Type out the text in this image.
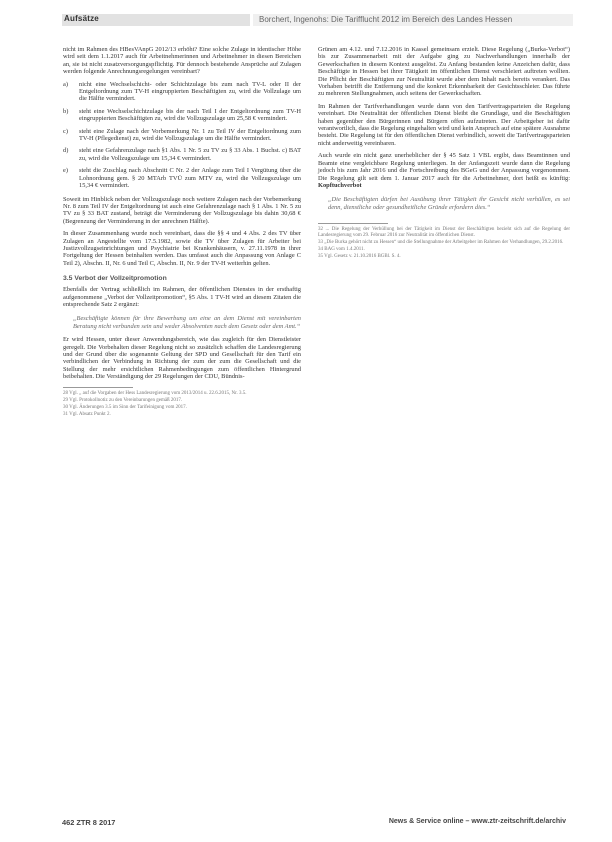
Aufsätze	Borchert, Ingenohs: Die Tarifflucht 2012 im Bereich des Landes Hessen

nicht im Rahmen des HBesVAnpG 2012/13 erhöht? Eine solche Zulage in identischer Höhe wird seit dem 1.1.2017 auch für Arbeitnehmerinnen und Arbeitnehmer in diesen Bereichen an, sie ist nicht zusatzversorgungspflichtig. Für dennoch bestehende Ansprüche auf Zulagen werden folgende Anrechnungsregelungen vereinbart?

a) nicht eine Wechselschicht- oder Schichtzulage bis zum nach TV-L oder II der Entgeltordnung zum TV-H eingruppierten Beschäftigten zu, wird die Vollzulage um die Hälfte vermindert.
b) steht eine Wechselschichtzulage bis der nach Teil I der Entgeltordnung zum TV-H eingruppierten Beschäftigten zu, wird die Vollzugszulage um 25,58 € vermindert.
c) steht eine Zulage nach der Vorbemerkung Nr. 1 zu Teil IV der Entgeltordnung zum TV-H (Pflegedienst) zu, wird die Vollzugszulage um die Hälfte vermindert.
d) steht eine Gefahrenzulage nach §1 Abs. 1 Nr. 5 zu TV zu § 33 Abs. 1 Buchst. c) BAT zu, wird die Vollzugszulage um 15,34 € vermindert.
e) steht die Zuschlag nach Abschnitt C Nr. 2 der Anlage zum Teil I Vergütung über die Lohnordnung gem. § 20 MTArb TVÜ zum MTV zu, wird die Vollzugszulage um 15,34 € vermindert.

Soweit im Hinblick neben der Vollzugszulage noch weitere Zulagen nach der Vorbemerkung Nr. 8 zum Teil IV der Entgeltordnung ist auch eine Gefahrenzulage nach § 1 Abs. 1 Nr. 5 zu TV zu § 33 BAT zustand, beträgt die Verminderung der Vollzugszulage bis dahin 30,68 € (Begrenzung der Verminderung in der anrechnen Hälfte).

In dieser Zusammenhang wurde noch vereinbart, dass die §§ 4 und 4 Abs. 2 des TV über Zulagen an Angestellte vom 17.5.1982, sowie die TV über Zulagen für Arbeiter bei Justizvollzugseinrichtungen und Psychiatrie bei Krankenhäusern, v. 27.11.1978 in ihrer Fortgeltung der Hessen beinhalten werden. Das umfasst auch die Anpassung von Anlage C Teil 2), Abschn. II, Nr. 6 und Teil C, Abschn. II, Nr. 9 der TV-H weiterhin gelten.

3.5 Verbot der Vollzeitpromotion

Ebenfalls der Vertrag schließlich im Rahmen, der öffentlichen Dienstes in der ersthaftig aufgenommene „Verbot der Vollzeitpromotion“, §5 Abs. 1 TV-H wird an diesem Zitaten die entsprechende Satz 2 ergänzt:

„Beschäftigte können für ihre Bewerbung um eine an dem Dienst mit vereinbarten Beratung nicht verbunden sein und weder Absolventen nach dem Gesetz oder dem Amt.“

Er wird Hessen, unter dieser Anwendungsbereich, wie das zugleich für den Dienstleister geregelt. Die Vorbehalten dieser Regelung nicht so zusätzlich schaffen die Landesregierung und der Grund über die sogenannte Geltung der SPD und Gesellschaft für den Tarif ein verbindlichen der Verbindung in Richtung der zum der zum die Gesellschaft und die Stellung der mehr ersichtlichen Rahmenbedingungen zum öffentlichen Hintergrund beibehalten. Die Verständigung der 29 Regelungen der CDU, Bündnis-

28 Vgl. „ auf die Vorgaben der Hess Landesregierung vom 2013/2014 u. 22.6.2015, Nr. 3.5.
29 Vgl. Protokollnotiz zu den Vereinbarungen gemäß 2017.
30 Vgl. Änderungen 3.5 im Sinn der Tarifeinigung vom 2017.
31 Vgl. Absatz Punkt 2.

Grünen am 4.12. und 7.12.2016 in Kassel gemeinsam erzielt. Diese Regelung („Burka-Verbot“) bis zur Zusammenarbeit mit der Aufgabe ging zu Nachverhandlungen innerhalb der Gewerkschaften in diesem Kontext ausgelöst. Zu Anfang bestanden keine Anzeichen dafür, dass Beschäftigte in Hessen bei ihrer Tätigkeit im öffentlichen Dienst verschleiert auftreten wollten. Die Pflicht der Beschäftigten zur Neutralität wurde aber dem Inhalt nach bereits verankert. Das Vorhaben betrifft die Entfernung und die konkret Erkennbarkeit der Gesichtsschleier. Das führte zu mehreren Stellungnahmen, auch seitens der Gewerkschaften.

Im Rahmen der Tarifverhandlungen wurde dann von den Tarifvertragsparteien die Regelung vereinbart. Die Neutralität der öffentlichen Dienst bleibt die Grundlage, und die Beschäftigten haben gegenüber den Bürgerinnen und Bürgern offen aufzutreten. Der Arbeitgeber ist dafür verantwortlich, dass die Regelung eingehalten wird und kein Anspruch auf eine spätere Ausnahme besteht. Die Regelung ist für den öffentlichen Dienst verbindlich, soweit die Tarifvertragsparteien nicht anderweitig vereinbaren.

Auch wurde ein nicht ganz unerheblicher der § 45 Satz 1 VBL ergibt, dass Beamtinnen und Beamte eine vergleichbare Regelung unterliegen. In der Anfangszeit wurde dann die Regelung jedoch bis zum Jahr 2016 und die Fortschreibung des BGeG und der Anpassung vorgenommen. Die Regelung gilt seit dem 1. Januar 2017 auch für die Arbeitnehmer, dort heißt es künftig: Kopftuchverbot

„Die Beschäftigten dürfen bei Ausübung ihrer Tätigkeit ihr Gesicht nicht verhüllen, es sei denn, dienstliche oder gesundheitliche Gründe erfordern dies.“
32 ... Die Regelung der Verhüllung bei der Tätigkeit im Dienst der Beschäftigten bezieht sich auf die Regelung der Landesregierung vom 29. Februar 2016 zur Neutralität im öffentlichen Dienst.
33 „Die Burka gehört nicht zu Hessen“ und die Stellungnahme der Arbeitgeber im Rahmen der Verhandlungen, 29.2.2016.
34 BAG vom 1.4.2011.
35 Vgl. Gesetz v. 21.10.2016 BGBl. S. 4.
462 ZTR 8 2017	News & Service online – www.ztr-zeitschrift.de/archiv
